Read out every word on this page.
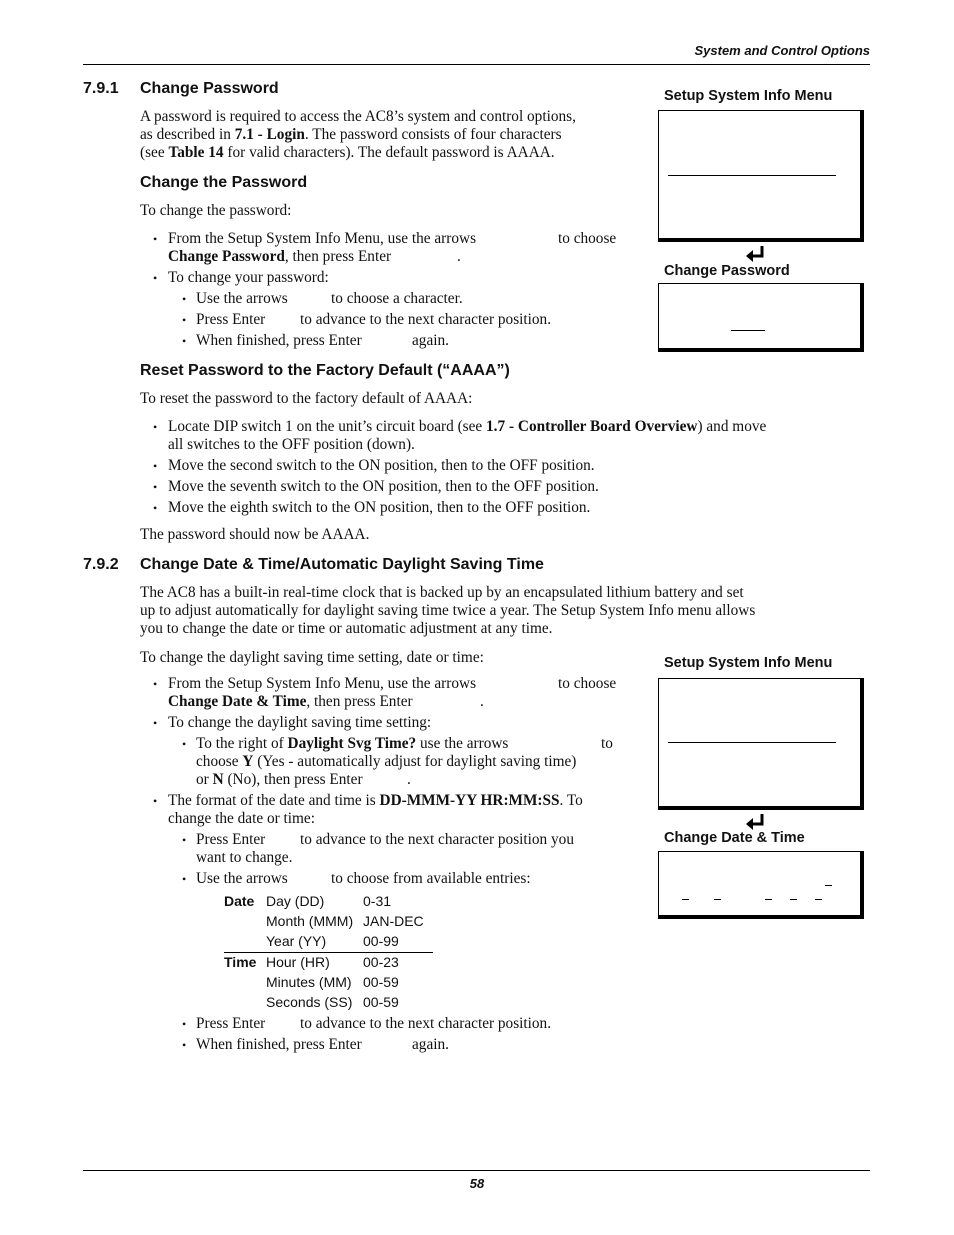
System and Control Options
7.9.1 Change Password
A password is required to access the AC8’s system and control options,
as described in 7.1 - Login. The password consists of four characters
(see Table 14 for valid characters). The default password is AAAA.
Change the Password
To change the password:
• From the Setup System Info Menu, use the arrows	to choose
Change Password, then press Enter	.
• To change your password:
• Use the arrows	to choose a character.
• Press Enter to advance to the next character position.
• When finished, press Enter	again.
Reset Password to the Factory Default (“AAAA”)
To reset the password to the factory default of AAAA:
• Locate DIP switch 1 on the unit’s circuit board (see 1.7 - Controller Board Overview) and move
all switches to the OFF position (down).
• Move the second switch to the ON position, then to the OFF position.
• Move the seventh switch to the ON position, then to the OFF position.
• Move the eighth switch to the ON position, then to the OFF position.
The password should now be AAAA.
7.9.2 Change Date & Time/Automatic Daylight Saving Time
The AC8 has a built-in real-time clock that is backed up by an encapsulated lithium battery and set
up to adjust automatically for daylight saving time twice a year. The Setup System Info menu allows
you to change the date or time or automatic adjustment at any time.
To change the daylight saving time setting, date or time:
• From the Setup System Info Menu, use the arrows	to choose
Change Date & Time, then press Enter	.
• To change the daylight saving time setting:
• To the right of Daylight Svg Time? use the arrows	to
choose Y (Yes - automatically adjust for daylight saving time)
or N (No), then press Enter	.
• The format of the date and time is DD-MMM-YY HR:MM:SS. To
change the date or time:
• Press Enter to advance to the next character position you
want to change.
• Use the arrows	to choose from available entries:
Date Day (DD)	0-31
Month (MMM) JAN-DEC
Year (YY)	00-99
Time Hour (HR) 00-23
Minutes (MM) 00-59
Seconds (SS) 00-59
• Press Enter to advance to the next character position.
• When finished, press Enter	again.
Setup System Info Menu
Change Password
Setup System Info Menu
Change Date & Time
58
